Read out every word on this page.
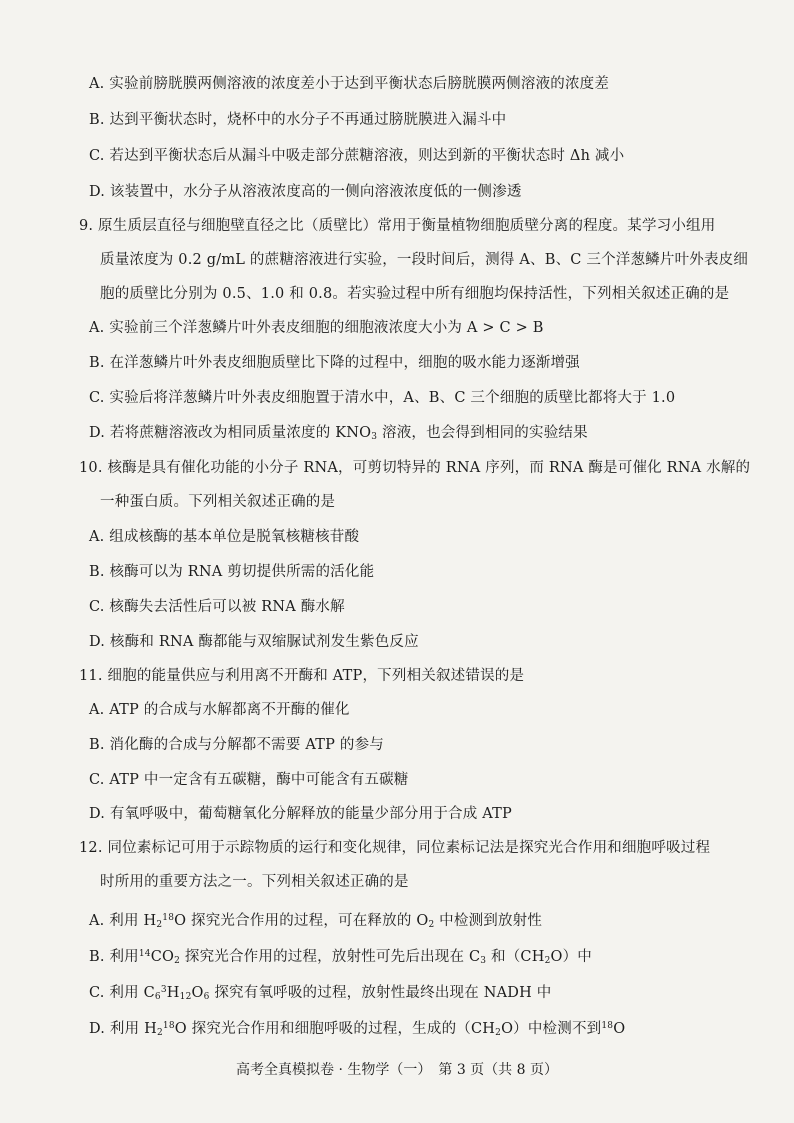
A. 实验前膀胱膜两侧溶液的浓度差小于达到平衡状态后膀胱膜两侧溶液的浓度差
B. 达到平衡状态时，烧杯中的水分子不再通过膀胱膜进入漏斗中
C. 若达到平衡状态后从漏斗中吸走部分蔗糖溶液，则达到新的平衡状态时 Δh 减小
D. 该装置中，水分子从溶液浓度高的一侧向溶液浓度低的一侧渗透
9. 原生质层直径与细胞壁直径之比（质壁比）常用于衡量植物细胞质壁分离的程度。某学习小组用
质量浓度为 0.2 g/mL 的蔗糖溶液进行实验，一段时间后，测得 A、B、C 三个洋葱鳞片叶外表皮细
胞的质壁比分别为 0.5、1.0 和 0.8。若实验过程中所有细胞均保持活性，下列相关叙述正确的是
A. 实验前三个洋葱鳞片叶外表皮细胞的细胞液浓度大小为 A > C > B
B. 在洋葱鳞片叶外表皮细胞质壁比下降的过程中，细胞的吸水能力逐渐增强
C. 实验后将洋葱鳞片叶外表皮细胞置于清水中，A、B、C 三个细胞的质壁比都将大于 1.0
D. 若将蔗糖溶液改为相同质量浓度的 $KNO_3$ 溶液，也会得到相同的实验结果
10. 核酶是具有催化功能的小分子 RNA，可剪切特异的 RNA 序列，而 RNA 酶是可催化 RNA 水解的
一种蛋白质。下列相关叙述正确的是
A. 组成核酶的基本单位是脱氧核糖核苷酸
B. 核酶可以为 RNA 剪切提供所需的活化能
C. 核酶失去活性后可以被 RNA 酶水解
D. 核酶和 RNA 酶都能与双缩脲试剂发生紫色反应
11. 细胞的能量供应与利用离不开酶和 ATP，下列相关叙述错误的是
A. ATP 的合成与水解都离不开酶的催化
B. 消化酶的合成与分解都不需要 ATP 的参与
C. ATP 中一定含有五碳糖，酶中可能含有五碳糖
D. 有氧呼吸中，葡萄糖氧化分解释放的能量少部分用于合成 ATP
12. 同位素标记可用于示踪物质的运行和变化规律，同位素标记法是探究光合作用和细胞呼吸过程
时所用的重要方法之一。下列相关叙述正确的是
A. 利用 $H_2^{18}O$ 探究光合作用的过程，可在释放的 $O_2$ 中检测到放射性
B. 利用$^{14}CO_2$ 探究光合作用的过程，放射性可先后出现在 $C_3$ 和$(CH_2O)$中
C. 利用 $C_6^3H_{12}O_6$ 探究有氧呼吸的过程，放射性最终出现在 NADH 中
D. 利用 $H_2^{18}O$ 探究光合作用和细胞呼吸的过程，生成的$(CH_2O)$中检测不到$^{18}$O
高考全真模拟卷 · 生物学（一）　第 3 页（共 8 页）
